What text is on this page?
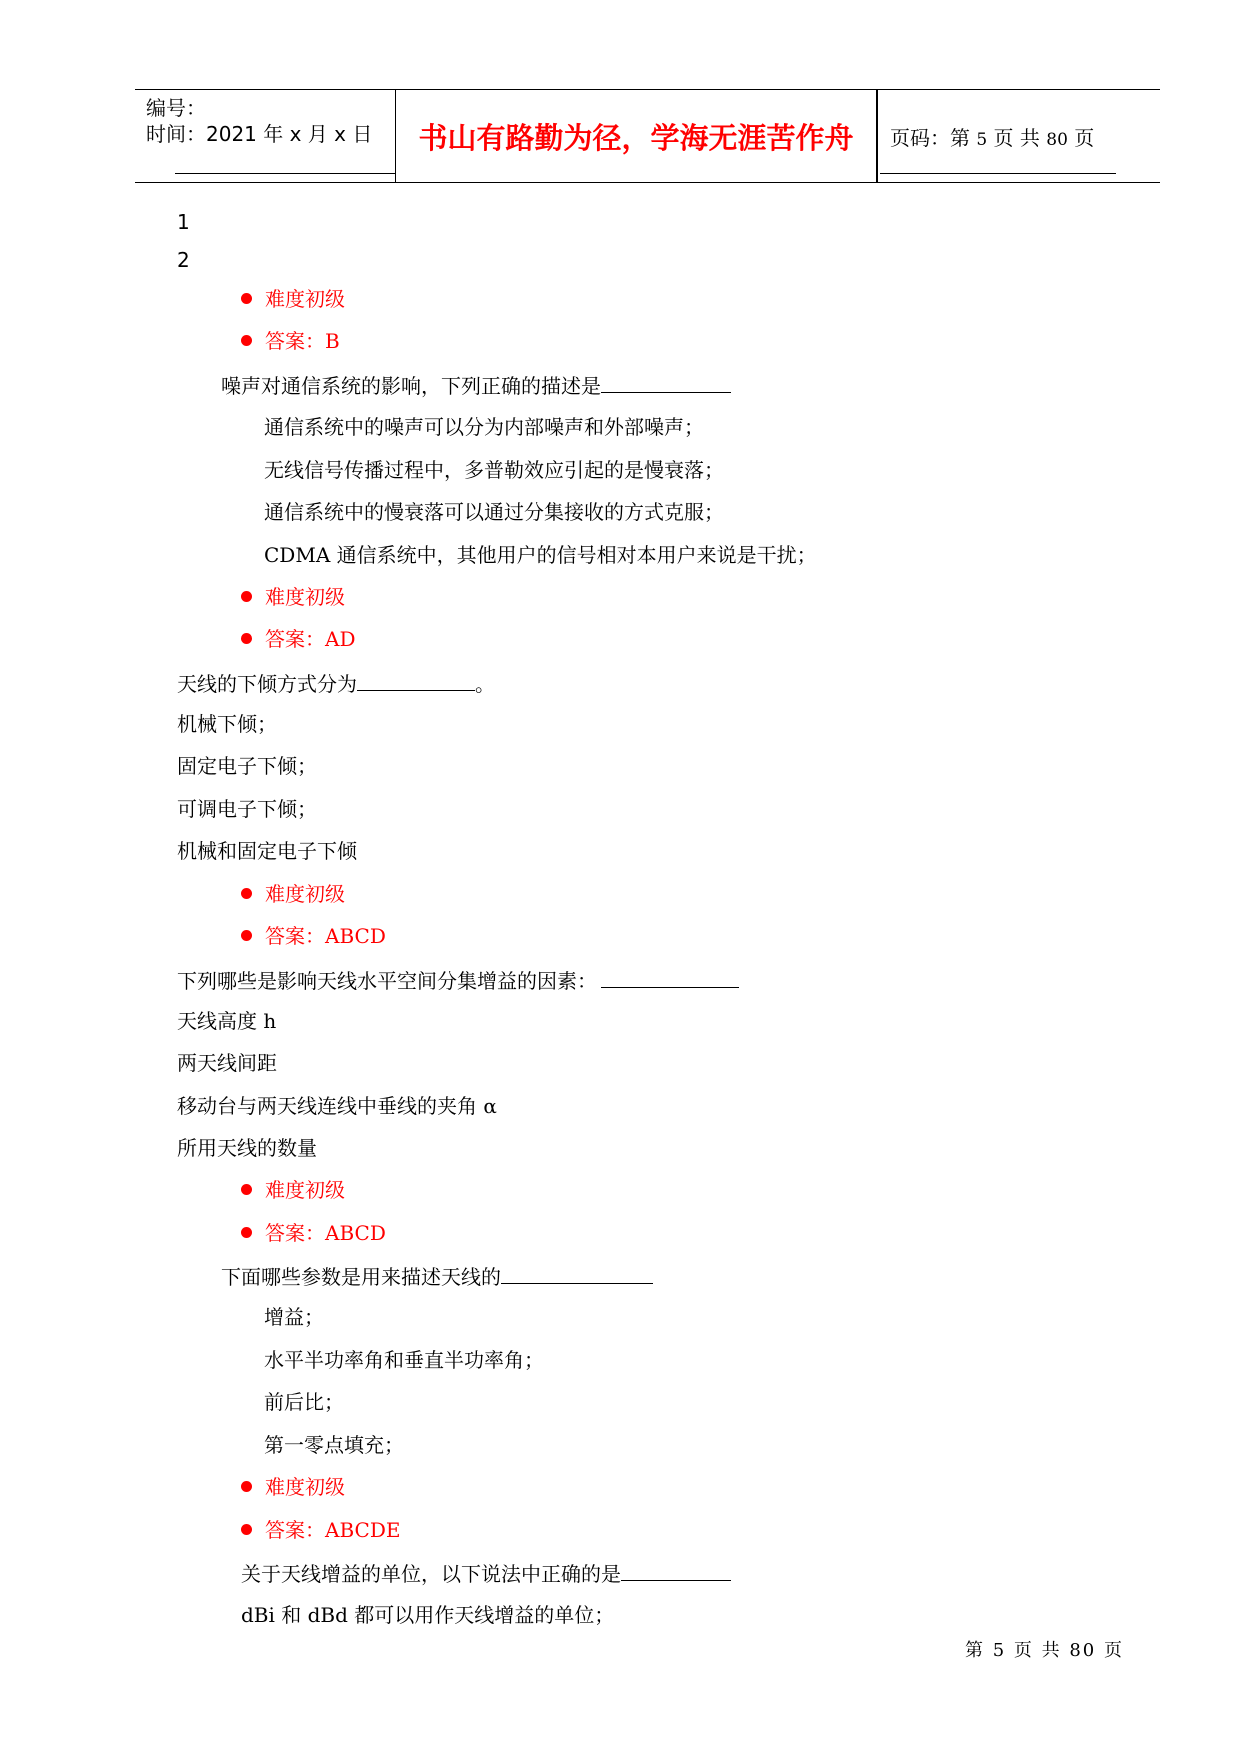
编号：
时间：2021 年 x 月 x 日	书山有路勤为径，学海无涯苦作舟	页码：第 5 页 共 80 页
1
2
难度初级
答案：B
噪声对通信系统的影响，下列正确的描述是
通信系统中的噪声可以分为内部噪声和外部噪声；
无线信号传播过程中，多普勒效应引起的是慢衰落；
通信系统中的慢衰落可以通过分集接收的方式克服；
CDMA 通信系统中，其他用户的信号相对本用户来说是干扰；
难度初级
答案：AD
天线的下倾方式分为	。
机械下倾；
固定电子下倾；
可调电子下倾；
机械和固定电子下倾
难度初级
答案：ABCD
下列哪些是影响天线水平空间分集增益的因素：
天线高度 h
两天线间距
移动台与两天线连线中垂线的夹角 α
所用天线的数量
难度初级
答案：ABCD
下面哪些参数是用来描述天线的
增益；
水平半功率角和垂直半功率角；
前后比；
第一零点填充；
难度初级
答案：ABCDE
关于天线增益的单位，以下说法中正确的是
dBi 和 dBd 都可以用作天线增益的单位；
第 5 页 共 80 页
